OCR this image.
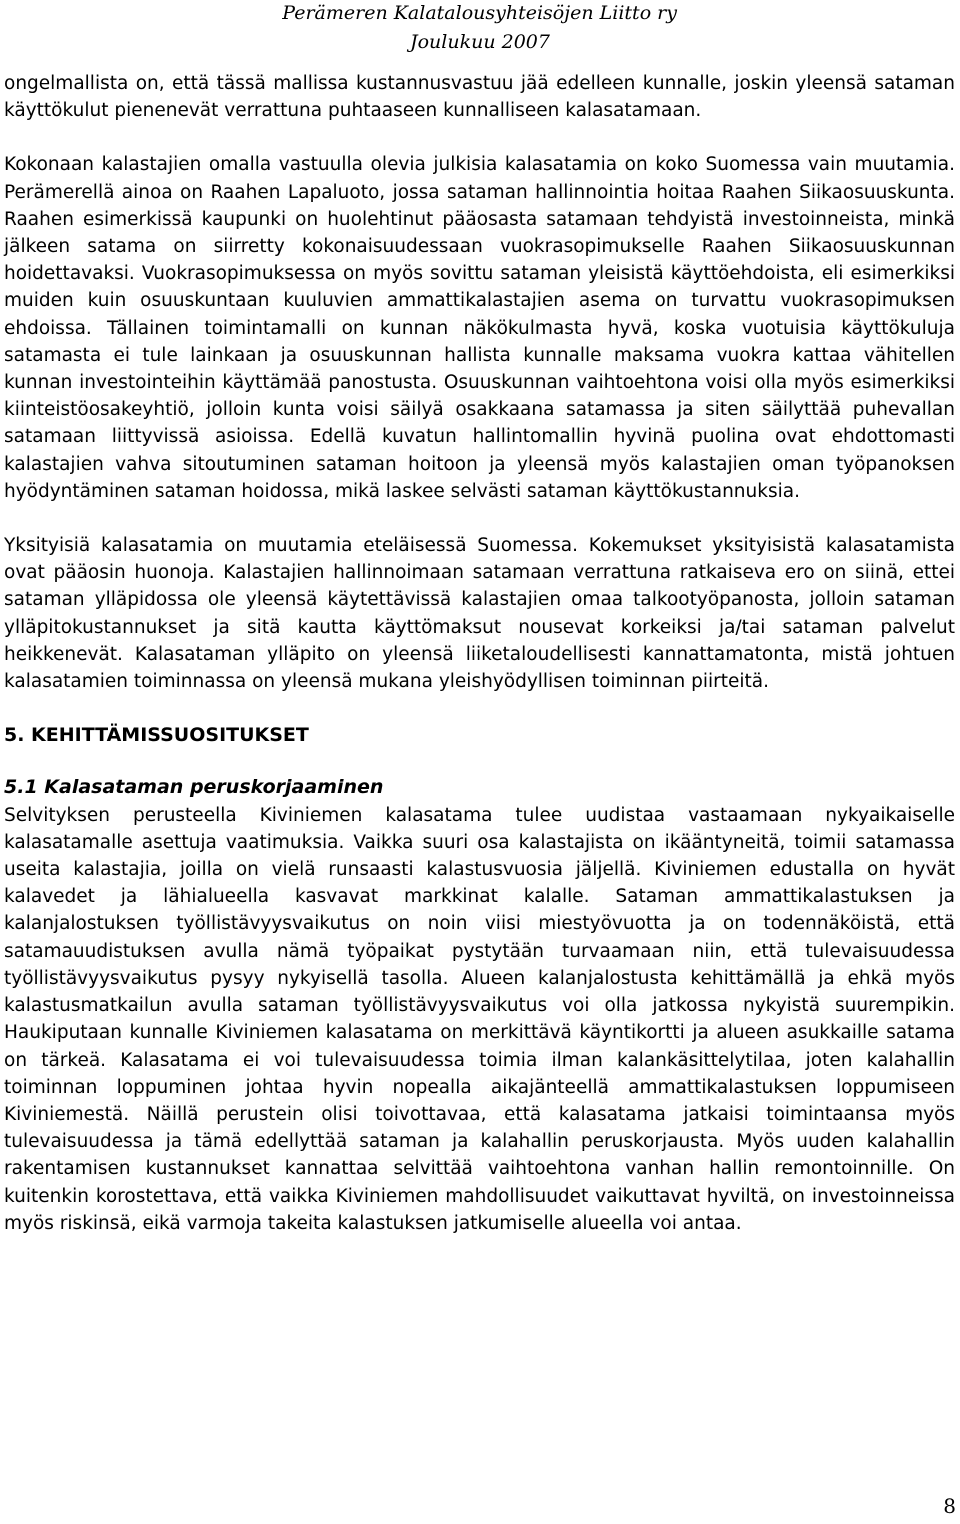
Perämeren Kalatalousyhteisöjen Liitto ry
Joulukuu 2007

ongelmallista on, että tässä mallissa kustannusvastuu jää edelleen kunnalle, joskin yleensä sataman käyttökulut pienenevät verrattuna puhtaaseen kunnalliseen kalasatamaan.

Kokonaan kalastajien omalla vastuulla olevia julkisia kalasatamia on koko Suomessa vain muutamia. Perämerellä ainoa on Raahen Lapaluoto, jossa sataman hallinnointia hoitaa Raahen Siikaosuuskunta. Raahen esimerkissä kaupunki on huolehtinut pääosasta satamaan tehdyistä investoinneista, minkä jälkeen satama on siirretty kokonaisuudessaan vuokrasopimukselle Raahen Siikaosuuskunnan hoidettavaksi. Vuokrasopimuksessa on myös sovittu sataman yleisistä käyttöehdoista, eli esimerkiksi muiden kuin osuuskuntaan kuuluvien ammattikalastajien asema on turvattu vuokrasopimuksen ehdoissa. Tällainen toimintamalli on kunnan näkökulmasta hyvä, koska vuotuisia käyttökuluja satamasta ei tule lainkaan ja osuuskunnan hallista kunnalle maksama vuokra kattaa vähitellen kunnan investointeihin käyttämää panostusta. Osuuskunnan vaihtoehtona voisi olla myös esimerkiksi kiinteistöosakeyhtiö, jolloin kunta voisi säilyä osakkaana satamassa ja siten säilyttää puhevallan satamaan liittyvissä asioissa. Edellä kuvatun hallintomallin hyvinä puolina ovat ehdottomasti kalastajien vahva sitoutuminen sataman hoitoon ja yleensä myös kalastajien oman työpanoksen hyödyntäminen sataman hoidossa, mikä laskee selvästi sataman käyttökustannuksia.

Yksityisiä kalasatamia on muutamia eteläisessä Suomessa. Kokemukset yksityisistä kalasatamista ovat pääosin huonoja. Kalastajien hallinnoimaan satamaan verrattuna ratkaiseva ero on siinä, ettei sataman ylläpidossa ole yleensä käytettävissä kalastajien omaa talkootyöpanosta, jolloin sataman ylläpitokustannukset ja sitä kautta käyttömaksut nousevat korkeiksi ja/tai sataman palvelut heikkenevät. Kalasataman ylläpito on yleensä liiketaloudellisesti kannattamatonta, mistä johtuen kalasatamien toiminnassa on yleensä mukana yleishyödyllisen toiminnan piirteitä.

5. KEHITTÄMISSUOSITUKSET

5.1 Kalasataman peruskorjaaminen

Selvityksen perusteella Kiviniemen kalasatama tulee uudistaa vastaamaan nykyaikaiselle kalasatamalle asettuja vaatimuksia. Vaikka suuri osa kalastajista on ikääntyneitä, toimii satamassa useita kalastajia, joilla on vielä runsaasti kalastusvuosia jäljellä. Kiviniemen edustalla on hyvät kalavedet ja lähialueella kasvavat markkinat kalalle. Sataman ammattikalastuksen ja kalanjalostuksen työllistävyysvaikutus on noin viisi miestyövuotta ja on todennäköistä, että satamauudistuksen avulla nämä työpaikat pystytään turvaamaan niin, että tulevaisuudessa työllistävyysvaikutus pysyy nykyisellä tasolla. Alueen kalanjalostusta kehittämällä ja ehkä myös kalastusmatkailun avulla sataman työllistävyysvaikutus voi olla jatkossa nykyistä suurempikin. Haukiputaan kunnalle Kiviniemen kalasatama on merkittävä käyntikortti ja alueen asukkaille satama on tärkeä. Kalasatama ei voi tulevaisuudessa toimia ilman kalankäsittelytilaa, joten kalahallin toiminnan loppuminen johtaa hyvin nopealla aikajänteellä ammattikalastuksen loppumiseen Kiviniemestä. Näillä perustein olisi toivottavaa, että kalasatama jatkaisi toimintaansa myös tulevaisuudessa ja tämä edellyttää sataman ja kalahallin peruskorjausta. Myös uuden kalahallin rakentamisen kustannukset kannattaa selvittää vaihtoehtona vanhan hallin remontoinnille. On kuitenkin korostettava, että vaikka Kiviniemen mahdollisuudet vaikuttavat hyviltä, on investoinneissa myös riskinsä, eikä varmoja takeita kalastuksen jatkumiselle alueella voi antaa.

8
